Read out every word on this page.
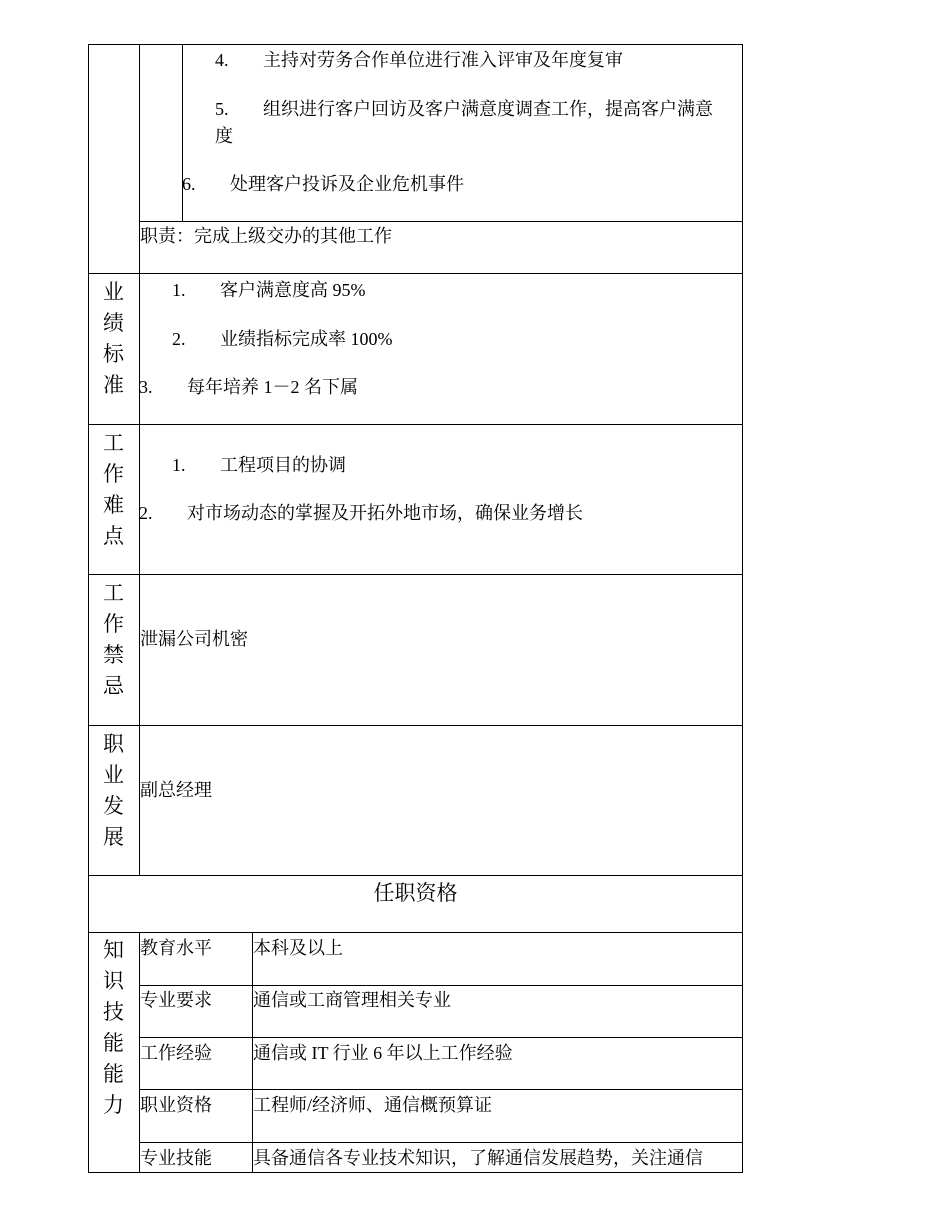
4. 主持对劳务合作单位进行准入评审及年度复审
5. 组织进行客户回访及客户满意度调查工作，提高客户满意
度
6. 处理客户投诉及企业危机事件
职责：完成上级交办的其他工作
业
绩
标
准
1. 客户满意度高 95%
2. 业绩指标完成率 100%
3. 每年培养 1－2 名下属
工
作
难
点
1. 工程项目的协调
2. 对市场动态的掌握及开拓外地市场，确保业务增长
工
作
禁
忌
泄漏公司机密
职
业
发
展
副总经理
任职资格
知
识
技
能
能
力
教育水平 本科及以上
专业要求 通信或工商管理相关专业
工作经验 通信或 IT 行业 6 年以上工作经验
职业资格 工程师/经济师、通信概预算证
专业技能 具备通信各专业技术知识，了解通信发展趋势，关注通信
